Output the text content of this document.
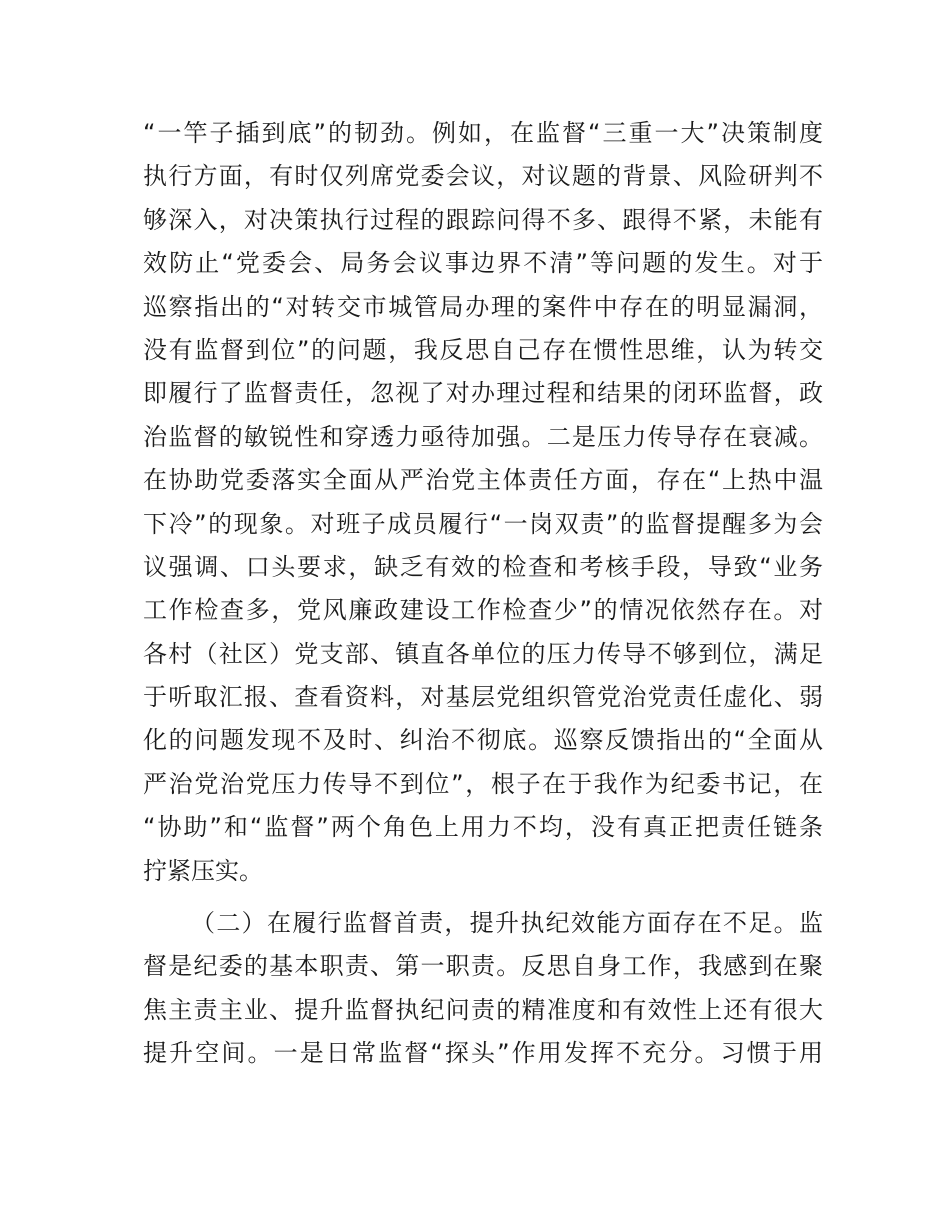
“一竿子插到底”的韧劲。例如，在监督“三重一大”决策制度
执行方面，有时仅列席党委会议，对议题的背景、风险研判不
够深入，对决策执行过程的跟踪问得不多、跟得不紧，未能有
效防止“党委会、局务会议事边界不清”等问题的发生。对于
巡察指出的“对转交市城管局办理的案件中存在的明显漏洞，
没有监督到位”的问题，我反思自己存在惯性思维，认为转交
即履行了监督责任，忽视了对办理过程和结果的闭环监督，政
治监督的敏锐性和穿透力亟待加强。二是压力传导存在衰减。
在协助党委落实全面从严治党主体责任方面，存在“上热中温
下冷”的现象。对班子成员履行“一岗双责”的监督提醒多为会
议强调、口头要求，缺乏有效的检查和考核手段，导致“业务
工作检查多，党风廉政建设工作检查少”的情况依然存在。对
各村（社区）党支部、镇直各单位的压力传导不够到位，满足
于听取汇报、查看资料，对基层党组织管党治党责任虚化、弱
化的问题发现不及时、纠治不彻底。巡察反馈指出的“全面从
严治党治党压力传导不到位”，根子在于我作为纪委书记，在
“协助”和“监督”两个角色上用力不均，没有真正把责任链条
拧紧压实。
（二）在履行监督首责，提升执纪效能方面存在不足。监
督是纪委的基本职责、第一职责。反思自身工作，我感到在聚
焦主责主业、提升监督执纪问责的精准度和有效性上还有很大
提升空间。一是日常监督“探头”作用发挥不充分。习惯于用
